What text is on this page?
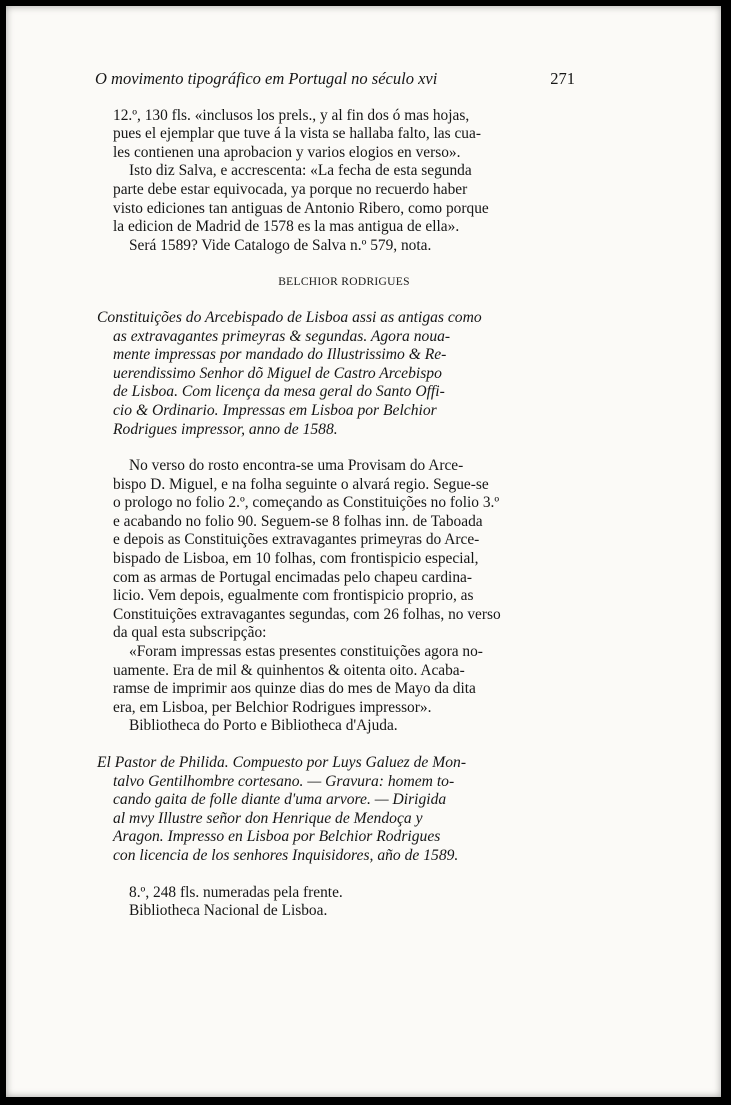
O movimento tipográfico em Portugal no século xvi	271
12.º, 130 fls. «inclusos los prels., y al fin dos ó mas hojas,
pues el ejemplar que tuve á la vista se hallaba falto, las cua-
les contienen una aprobacion y varios elogios en verso».
Isto diz Salva, e accrescenta: «La fecha de esta segunda
parte debe estar equivocada, ya porque no recuerdo haber
visto ediciones tan antiguas de Antonio Ribero, como porque
la edicion de Madrid de 1578 es la mas antigua de ella».
Será 1589? Vide Catalogo de Salva n.º 579, nota.
BELCHIOR RODRIGUES
Constituições do Arcebispado de Lisboa assi as antigas como
as extravagantes primeyras & segundas. Agora noua-
mente impressas por mandado do Illustrissimo & Re-
uerendissimo Senhor dõ Miguel de Castro Arcebispo
de Lisboa. Com licença da mesa geral do Santo Offi-
cio & Ordinario. Impressas em Lisboa por Belchior
Rodrigues impressor, anno de 1588.
No verso do rosto encontra-se uma Provisam do Arce-
bispo D. Miguel, e na folha seguinte o alvará regio. Segue-se
o prologo no folio 2.º, começando as Constituições no folio 3.º
e acabando no folio 90. Seguem-se 8 folhas inn. de Taboada
e depois as Constituições extravagantes primeyras do Arce-
bispado de Lisboa, em 10 folhas, com frontispicio especial,
com as armas de Portugal encimadas pelo chapeu cardina-
licio. Vem depois, egualmente com frontispicio proprio, as
Constituições extravagantes segundas, com 26 folhas, no verso
da qual esta subscripção:
«Foram impressas estas presentes constituições agora no-
uamente. Era de mil & quinhentos & oitenta oito. Acaba-
ramse de imprimir aos quinze dias do mes de Mayo da dita
era, em Lisboa, per Belchior Rodrigues impressor».
Bibliotheca do Porto e Bibliotheca d'Ajuda.
El Pastor de Philida. Compuesto por Luys Galuez de Mon-
talvo Gentilhombre cortesano. — Gravura: homem to-
cando gaita de folle diante d'uma arvore. — Dirigida
al mvy Illustre señor don Henrique de Mendoça y
Aragon. Impresso en Lisboa por Belchior Rodrigues
con licencia de los senhores Inquisidores, año de 1589.
8.º, 248 fls. numeradas pela frente.
Bibliotheca Nacional de Lisboa.
